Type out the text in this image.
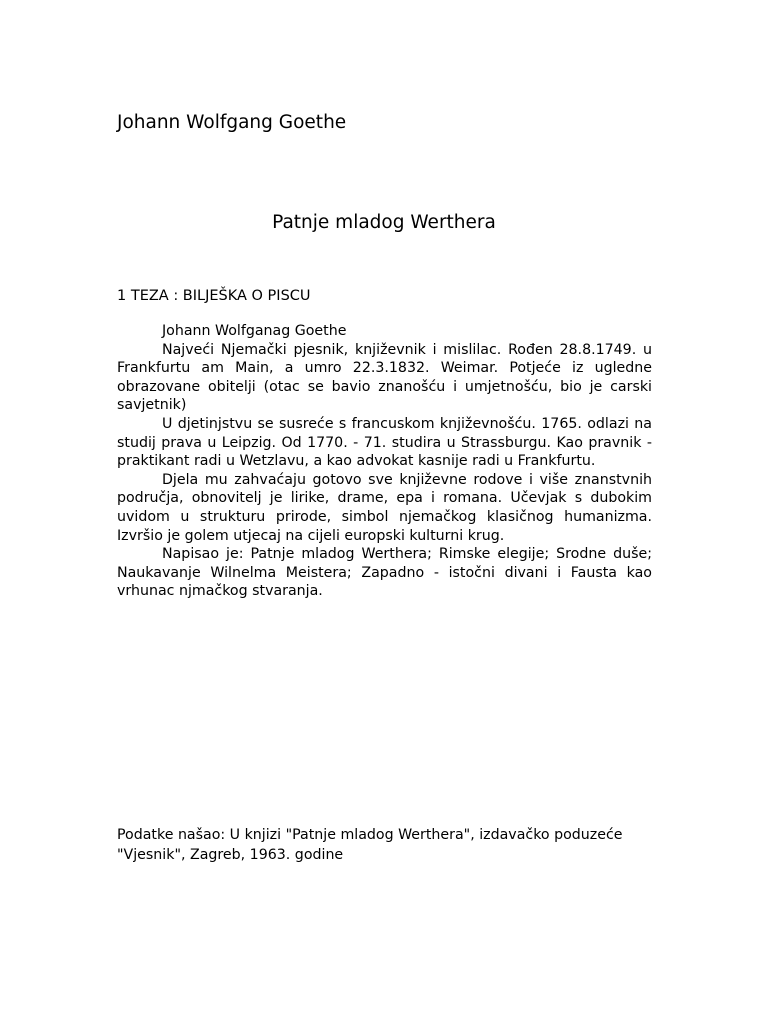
Johann Wolfgang Goethe
Patnje mladog Werthera
1 TEZA : BILJEŠKA O PISCU

Johann Wolfganag Goethe

Najveći Njemački pjesnik, književnik i mislilac. Rođen 28.8.1749. u Frankfurtu am Main, a umro 22.3.1832. Weimar. Potjeće iz ugledne obrazovane obitelji (otac se bavio znanošću i umjetnošću, bio je carski savjetnik)

U djetinjstvu se susreće s francuskom književnošću. 1765. odlazi na studij prava u Leipzig. Od 1770. - 71. studira u Strassburgu. Kao pravnik - praktikant radi u Wetzlavu, a kao advokat kasnije radi u Frankfurtu.

Djela mu zahvaćaju gotovo sve književne rodove i više znanstvnih područja, obnovitelj je lirike, drame, epa i romana. Učevjak s dubokim uvidom u strukturu prirode, simbol njemačkog klasičnog humanizma. Izvršio je golem utjecaj na cijeli europski kulturni krug.

Napisao je: Patnje mladog Werthera; Rimske elegije; Srodne duše; Naukavanje Wilnelma Meistera; Zapadno - istočni divani i Fausta kao vrhunac njmačkog stvaranja.

Podatke našao: U knjizi "Patnje mladog Werthera", izdavačko poduzeće "Vjesnik", Zagreb, 1963. godine
